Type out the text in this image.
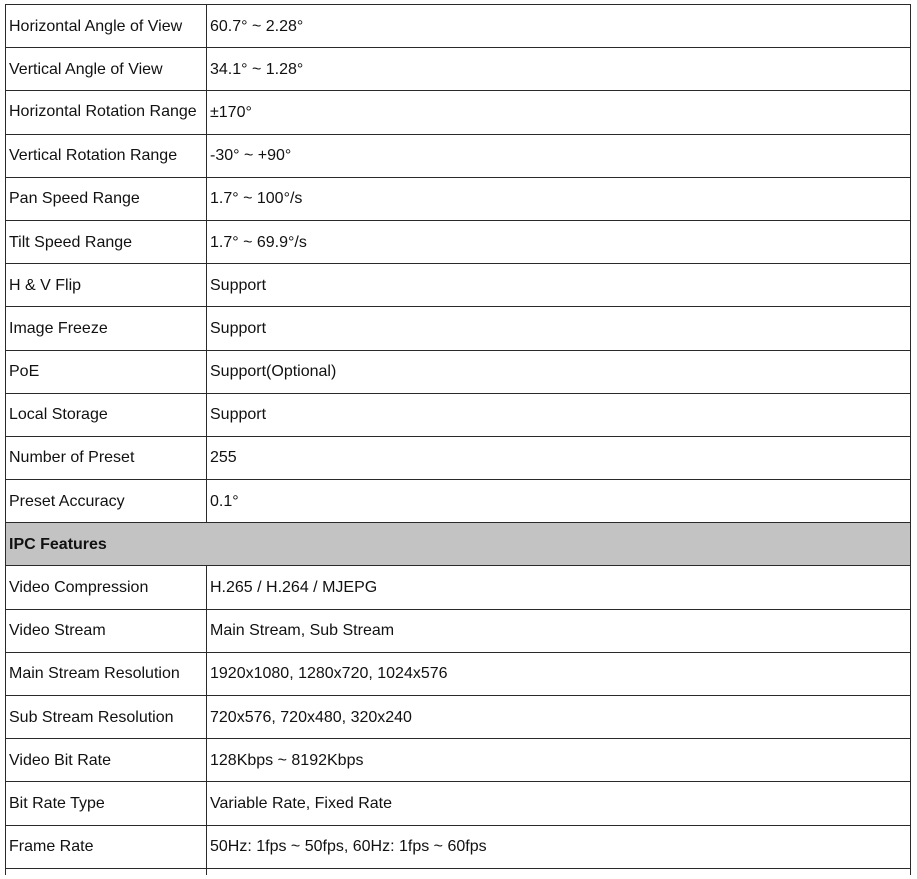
Horizontal Angle of View	60.7° ~ 2.28°
Vertical Angle of View	34.1° ~ 1.28°
Horizontal Rotation Range	±170°
Vertical Rotation Range	-30° ~ +90°
Pan Speed Range	1.7° ~ 100°/s
Tilt Speed Range	1.7° ~ 69.9°/s
H & V Flip	Support
Image Freeze	Support
PoE	Support(Optional)
Local Storage	Support
Number of Preset	255
Preset Accuracy	0.1°
IPC Features	
Video Compression	H.265 / H.264 / MJEPG
Video Stream	Main Stream, Sub Stream
Main Stream Resolution	1920x1080, 1280x720, 1024x576
Sub Stream Resolution	720x576, 720x480, 320x240
Video Bit Rate	128Kbps ~ 8192Kbps
Bit Rate Type	Variable Rate, Fixed Rate
Frame Rate	50Hz: 1fps ~ 50fps, 60Hz: 1fps ~ 60fps
